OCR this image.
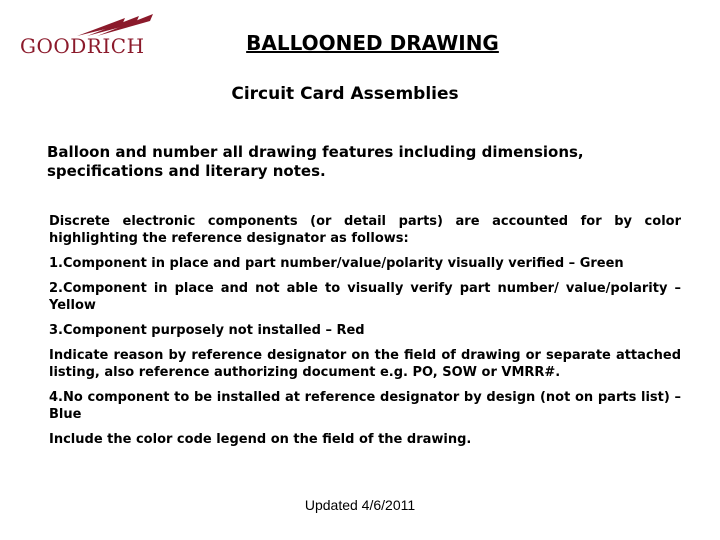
GOODRICH	BALLOONED DRAWING
Circuit Card Assemblies

Balloon and number all drawing features including dimensions, specifications and literary notes.

Discrete electronic components (or detail parts) are accounted for by color highlighting the reference designator as follows:

1.Component in place and part number/value/polarity visually verified – Green

2.Component in place and not able to visually verify part number/ value/polarity – Yellow

3.Component purposely not installed – Red

Indicate reason by reference designator on the field of drawing or separate attached listing, also reference authorizing document e.g. PO, SOW or VMRR#.

4.No component to be installed at reference designator by design (not on parts list) – Blue

Include the color code legend on the field of the drawing.

Updated 4/6/2011
